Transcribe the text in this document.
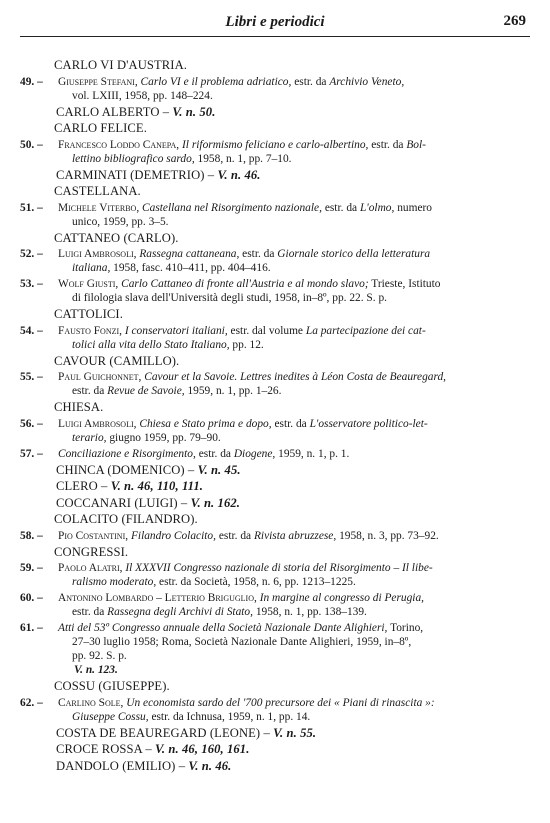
Libri e periodici	269
CARLO VI D'AUSTRIA.
49. –	Giuseppe Stefani, Carlo VI e il problema adriatico, estr. da Archivio Veneto,
vol. LXIII, 1958, pp. 148–224.
CARLO ALBERTO – V. n. 50.
CARLO FELICE.
50. –	Francesco Loddo Canepa, Il riformismo feliciano e carlo-albertino, estr. da Bol-
lettino bibliografico sardo, 1958, n. 1, pp. 7–10.
CARMINATI (DEMETRIO) – V. n. 46.
CASTELLANA.
51. –	Michele Viterbo, Castellana nel Risorgimento nazionale, estr. da L'olmo, numero
unico, 1959, pp. 3–5.
CATTANEO (CARLO).
52. –	Luigi Ambrosoli, Rassegna cattaneana, estr. da Giornale storico della letteratura
italiana, 1958, fasc. 410–411, pp. 404–416.
53. –	Wolf Giusti, Carlo Cattaneo di fronte all'Austria e al mondo slavo; Trieste, Istituto
di filologia slava dell'Università degli studi, 1958, in–8º, pp. 22. S. p.
CATTOLICI.
54. –	Fausto Fonzi, I conservatori italiani, estr. dal volume La partecipazione dei cat-
tolici alla vita dello Stato Italiano, pp. 12.
CAVOUR (CAMILLO).
55. –	Paul Guichonnet, Cavour et la Savoie. Lettres inedites à Léon Costa de Beauregard,
estr. da Revue de Savoie, 1959, n. 1, pp. 1–26.
CHIESA.
56. –	Luigi Ambrosoli, Chiesa e Stato prima e dopo, estr. da L'osservatore politico-let-
terario, giugno 1959, pp. 79–90.
57. –	Conciliazione e Risorgimento, estr. da Diogene, 1959, n. 1, p. 1.
CHINCA (DOMENICO) – V. n. 45.
CLERO – V. n. 46, 110, 111.
COCCANARI (LUIGI) – V. n. 162.
COLACITO (FILANDRO).
58. –	Pio Costantini, Filandro Colacito, estr. da Rivista abruzzese, 1958, n. 3, pp. 73–92.
CONGRESSI.
59. –	Paolo Alatri, Il XXXVII Congresso nazionale di storia del Risorgimento – Il libe-
ralismo moderato, estr. da Società, 1958, n. 6, pp. 1213–1225.
60. –	Antonino Lombardo – Letterio Briguglio, In margine al congresso di Perugia,
estr. da Rassegna degli Archivi di Stato, 1958, n. 1, pp. 138–139.
61. –	Atti del 53º Congresso annuale della Società Nazionale Dante Alighieri, Torino,
27–30 luglio 1958; Roma, Società Nazionale Dante Alighieri, 1959, in–8º,
pp. 92. S. p.
V. n. 123.
COSSU (GIUSEPPE).
62. –	Carlino Sole, Un economista sardo del '700 precursore dei « Piani di rinascita »:
Giuseppe Cossu, estr. da Ichnusa, 1959, n. 1, pp. 14.
COSTA DE BEAUREGARD (LEONE) – V. n. 55.
CROCE ROSSA – V. n. 46, 160, 161.
DANDOLO (EMILIO) – V. n. 46.
